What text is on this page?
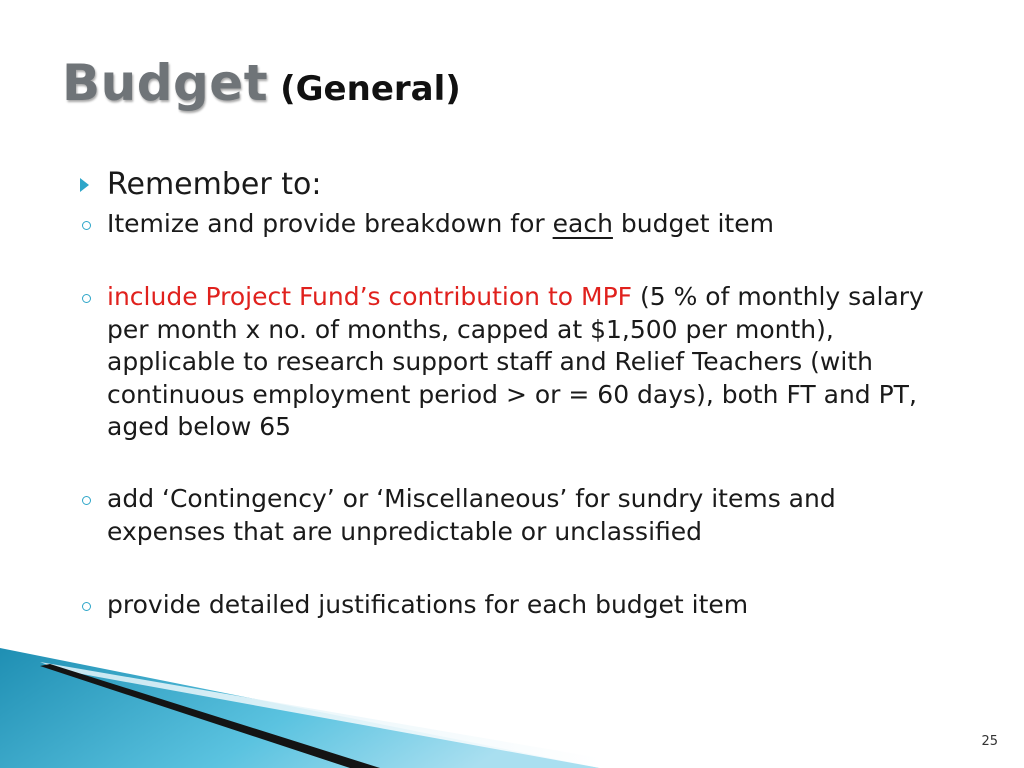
Budget (General)
Remember to:

Itemize and provide breakdown for each budget item

include Project Fund’s contribution to MPF (5 % of monthly salary per month x no. of months, capped at $1,500 per month), applicable to research support staff and Relief Teachers (with continuous employment period > or = 60 days), both FT and PT, aged below 65

add ‘Contingency’ or ‘Miscellaneous’ for sundry items and expenses that are unpredictable or unclassified

provide detailed justifications for each budget item

25
